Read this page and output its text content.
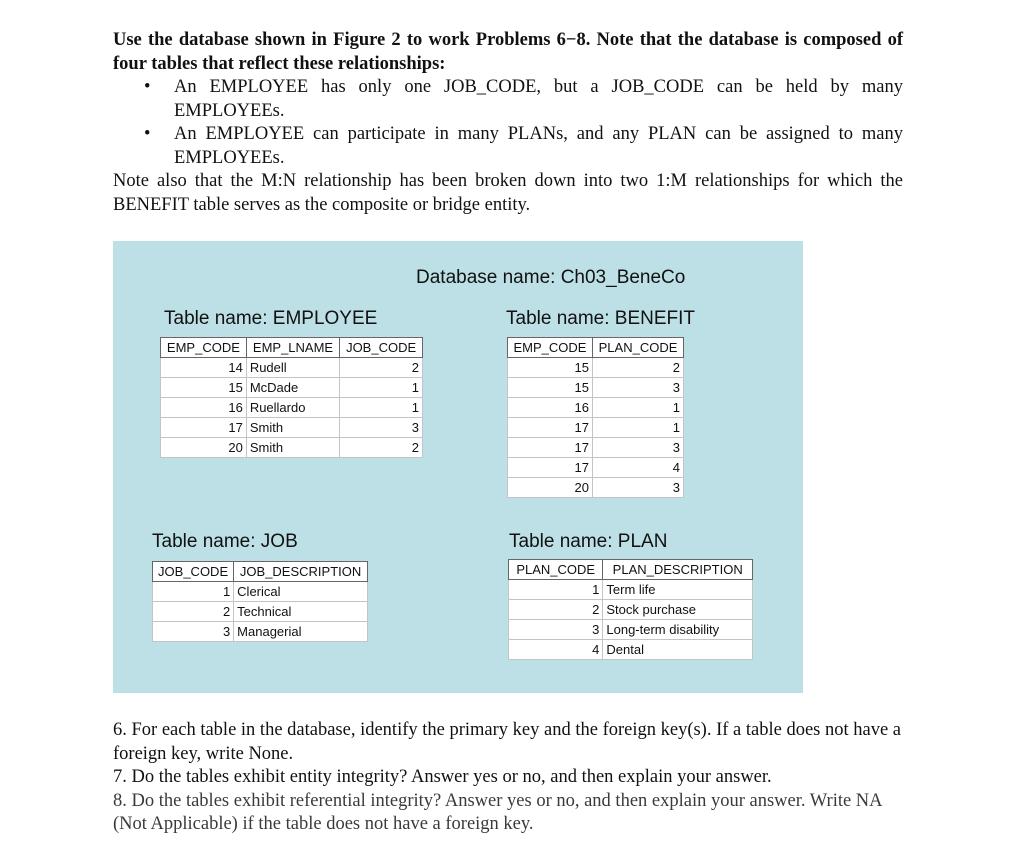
Use the database shown in Figure 2 to work Problems 6−8. Note that the database is composed of four tables that reflect these relationships:

• An EMPLOYEE has only one JOB_CODE, but a JOB_CODE can be held by many EMPLOYEEs.
• An EMPLOYEE can participate in many PLANs, and any PLAN can be assigned to many EMPLOYEEs.

Note also that the M:N relationship has been broken down into two 1:M relationships for which the BENEFIT table serves as the composite or bridge entity.

Database name: Ch03_BeneCo
Table name: EMPLOYEE
EMP_CODE	EMP_LNAME	JOB_CODE
14	Rudell	2
15	McDade	1
16	Ruellardo	1
17	Smith	3
20	Smith	2
Table name: BENEFIT
EMP_CODE	PLAN_CODE
15	2
15	3
16	1
17	1
17	3
17	4
20	3
Table name: JOB
JOB_CODE	JOB_DESCRIPTION
1	Clerical
2	Technical
3	Managerial
Table name: PLAN
PLAN_CODE	PLAN_DESCRIPTION
1	Term life
2	Stock purchase
3	Long-term disability
4	Dental

6. For each table in the database, identify the primary key and the foreign key(s). If a table does not have a foreign key, write None.

7. Do the tables exhibit entity integrity? Answer yes or no, and then explain your answer.

8. Do the tables exhibit referential integrity? Answer yes or no, and then explain your answer. Write NA (Not Applicable) if the table does not have a foreign key.
